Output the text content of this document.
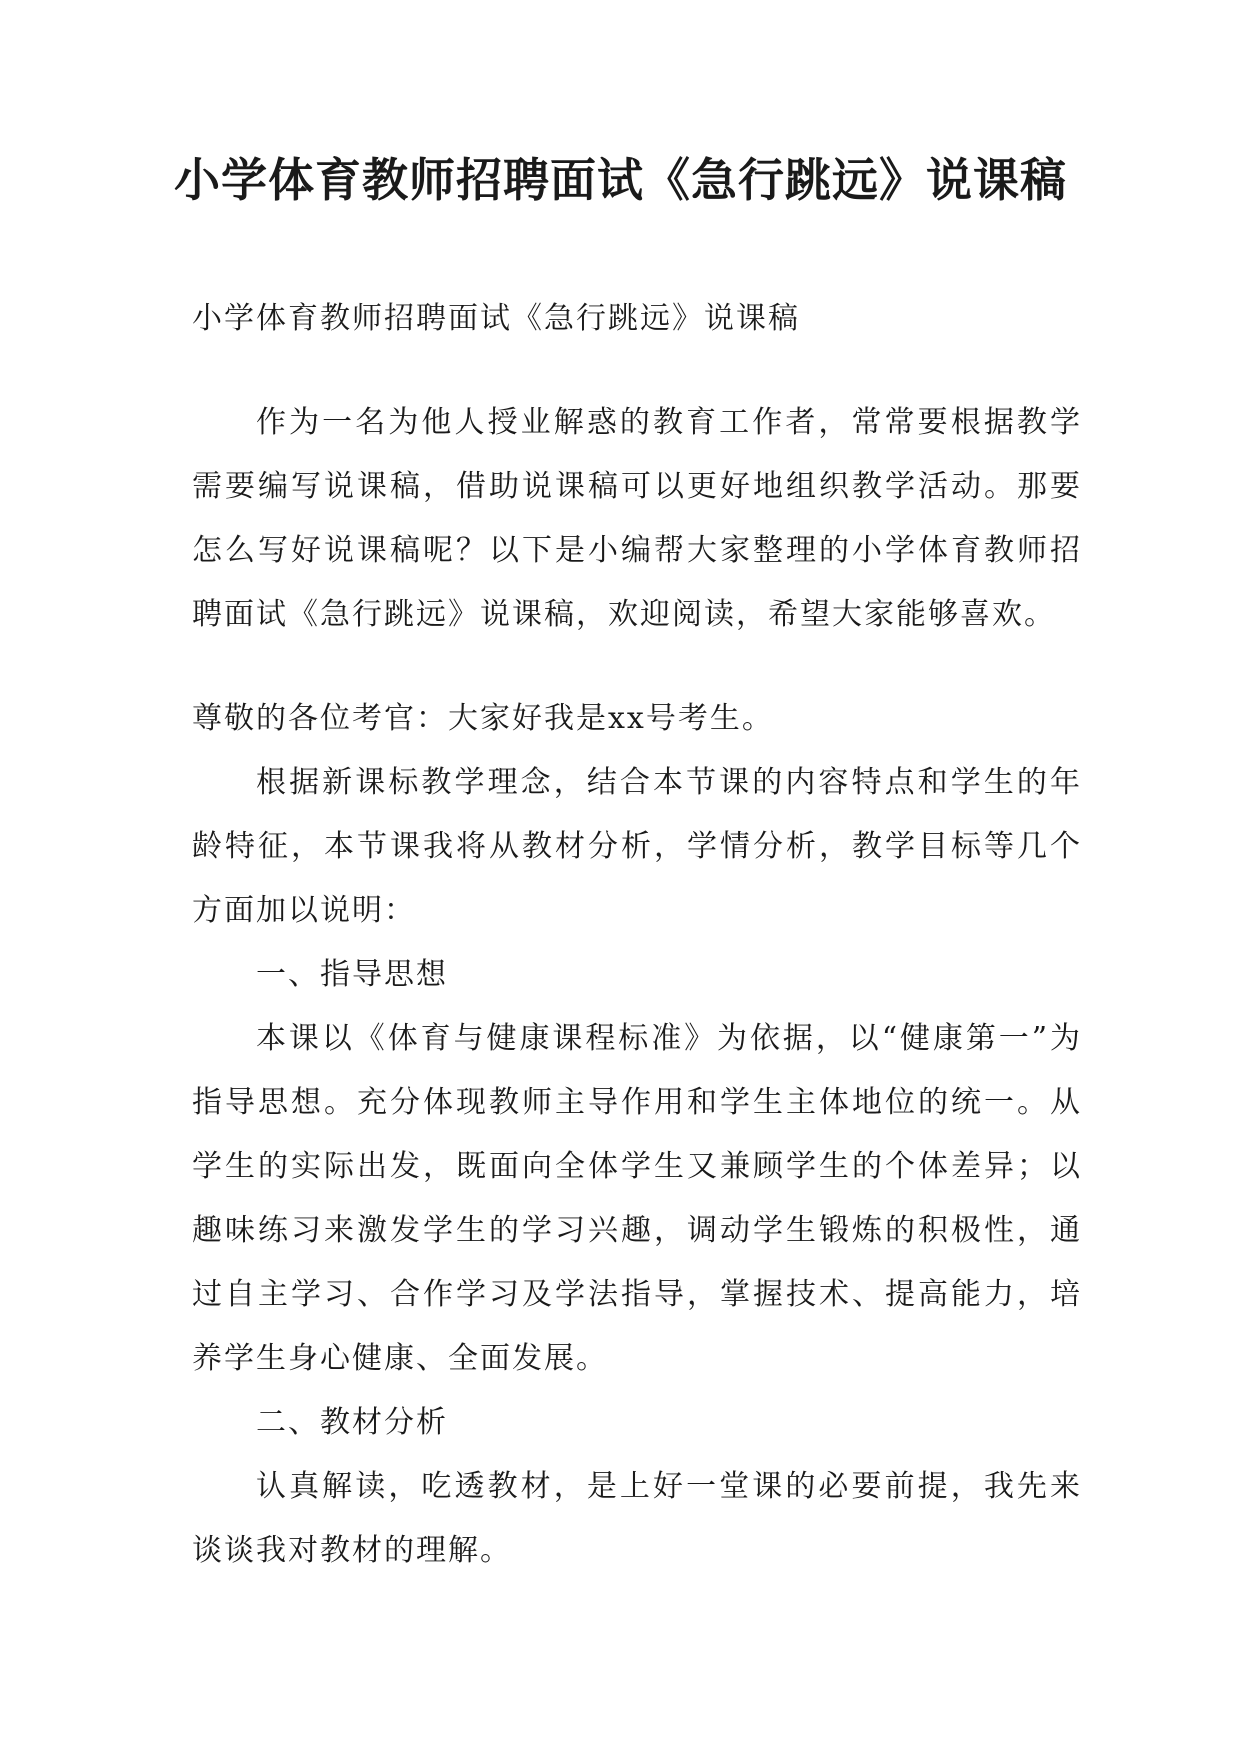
小学体育教师招聘面试《急行跳远》说课稿

小学体育教师招聘面试《急行跳远》说课稿

作为一名为他人授业解惑的教育工作者，常常要根据教学需要编写说课稿，借助说课稿可以更好地组织教学活动。那要怎么写好说课稿呢？以下是小编帮大家整理的小学体育教师招聘面试《急行跳远》说课稿，欢迎阅读，希望大家能够喜欢。

尊敬的各位考官：大家好我是xx号考生。

根据新课标教学理念，结合本节课的内容特点和学生的年龄特征，本节课我将从教材分析，学情分析，教学目标等几个方面加以说明：

一、指导思想

本课以《体育与健康课程标准》为依据，以“健康第一”为指导思想。充分体现教师主导作用和学生主体地位的统一。从学生的实际出发，既面向全体学生又兼顾学生的个体差异；以趣味练习来激发学生的学习兴趣，调动学生锻炼的积极性，通过自主学习、合作学习及学法指导，掌握技术、提高能力，培养学生身心健康、全面发展。

二、教材分析

认真解读，吃透教材，是上好一堂课的必要前提，我先来谈谈我对教材的理解。
